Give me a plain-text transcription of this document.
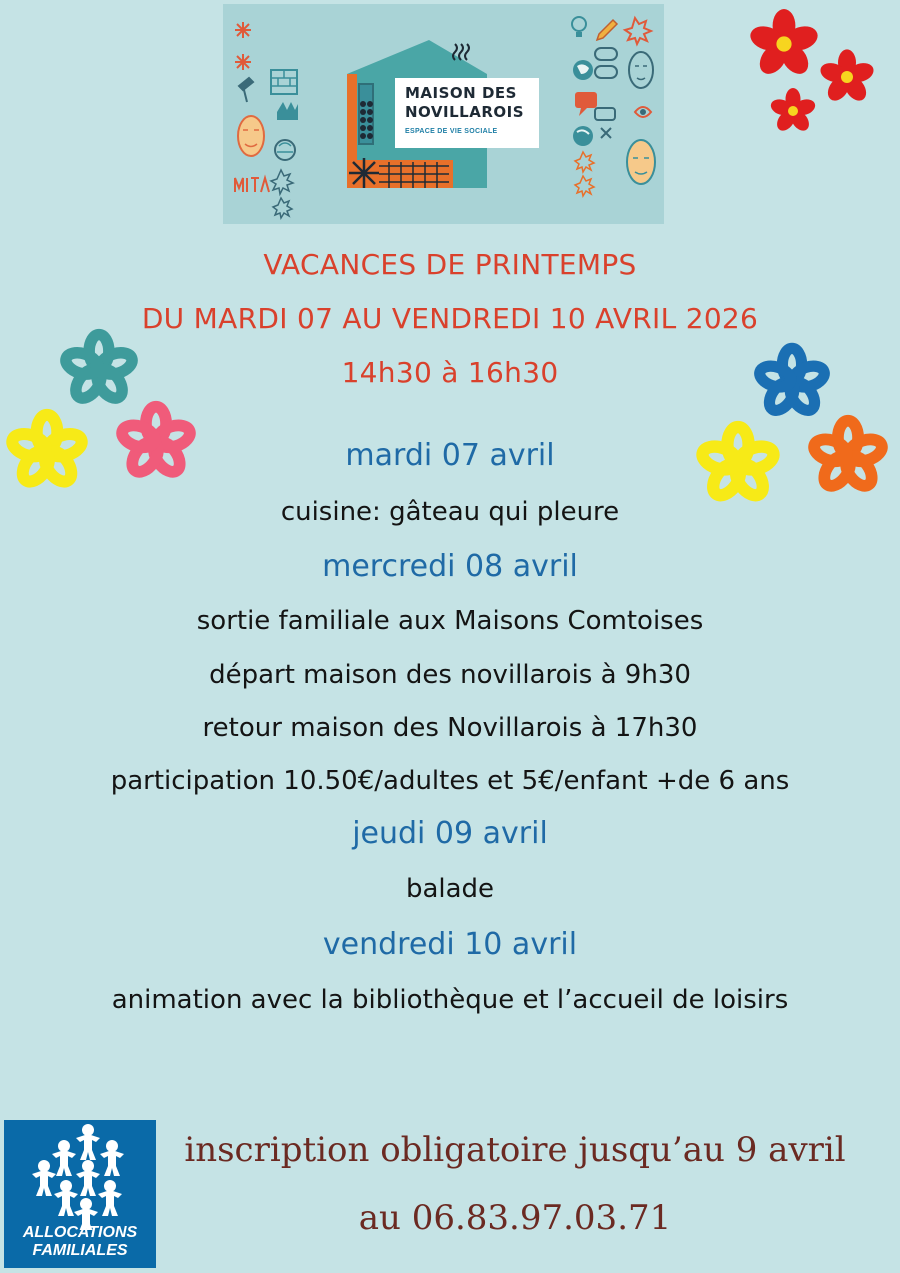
MAISON DES
NOVILLAROIS
ESPACE DE VIE SOCIALE
VACANCES DE PRINTEMPS
DU MARDI 07 AU VENDREDI 10 AVRIL 2026
14h30 à 16h30
mardi 07 avril
cuisine: gâteau qui pleure
mercredi 08 avril
sortie familiale aux Maisons Comtoises
départ maison des novillarois à 9h30
retour maison des Novillarois à 17h30
participation 10.50€/adultes et 5€/enfant +de 6 ans
jeudi 09 avril
balade
vendredi 10 avril
animation avec la bibliothèque et l’accueil de loisirs
ALLOCATIONS
FAMILIALES
inscription obligatoire jusqu’au 9 avril
au 06.83.97.03.71
